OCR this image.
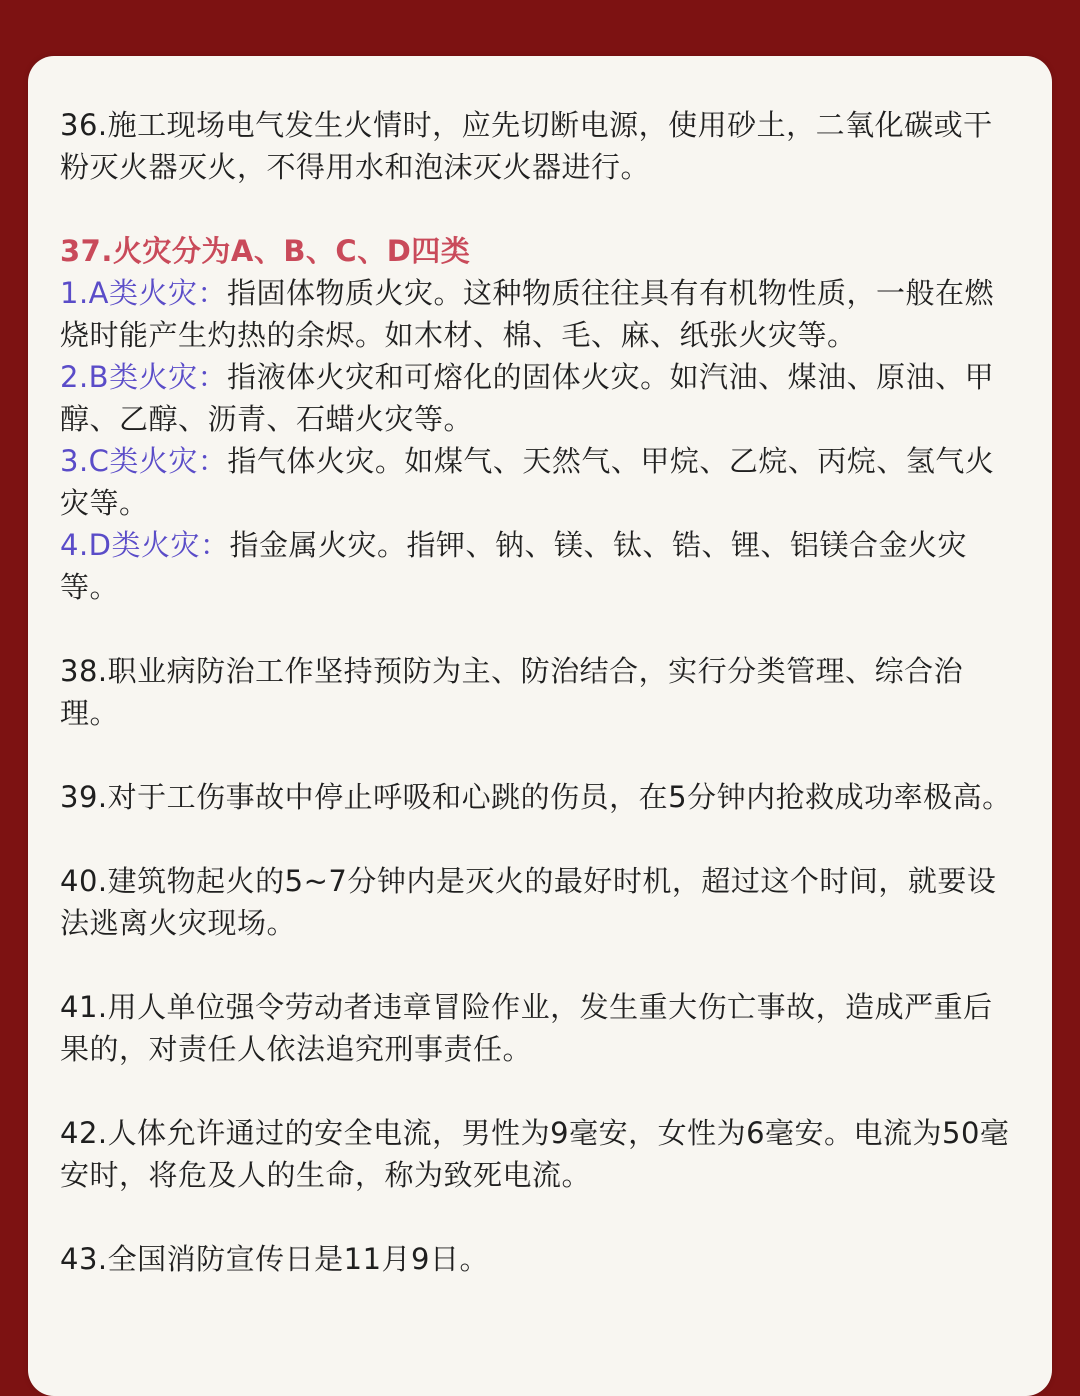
36.施工现场电气发生火情时，应先切断电源，使用砂土，二氧化碳或干粉灭火器灭火，不得用水和泡沫灭火器进行。

37.火灾分为A、B、C、D四类

1.A类火灾：指固体物质火灾。这种物质往往具有有机物性质，一般在燃烧时能产生灼热的余烬。如木材、棉、毛、麻、纸张火灾等。

2.B类火灾：指液体火灾和可熔化的固体火灾。如汽油、煤油、原油、甲醇、乙醇、沥青、石蜡火灾等。

3.C类火灾：指气体火灾。如煤气、天然气、甲烷、乙烷、丙烷、氢气火灾等。

4.D类火灾：指金属火灾。指钾、钠、镁、钛、锆、锂、铝镁合金火灾等。

38.职业病防治工作坚持预防为主、防治结合，实行分类管理、综合治理。

39.对于工伤事故中停止呼吸和心跳的伤员，在5分钟内抢救成功率极高。

40.建筑物起火的5~7分钟内是灭火的最好时机，超过这个时间，就要设法逃离火灾现场。

41.用人单位强令劳动者违章冒险作业，发生重大伤亡事故，造成严重后果的，对责任人依法追究刑事责任。

42.人体允许通过的安全电流，男性为9毫安，女性为6毫安。电流为50毫安时，将危及人的生命，称为致死电流。

43.全国消防宣传日是11月9日。
